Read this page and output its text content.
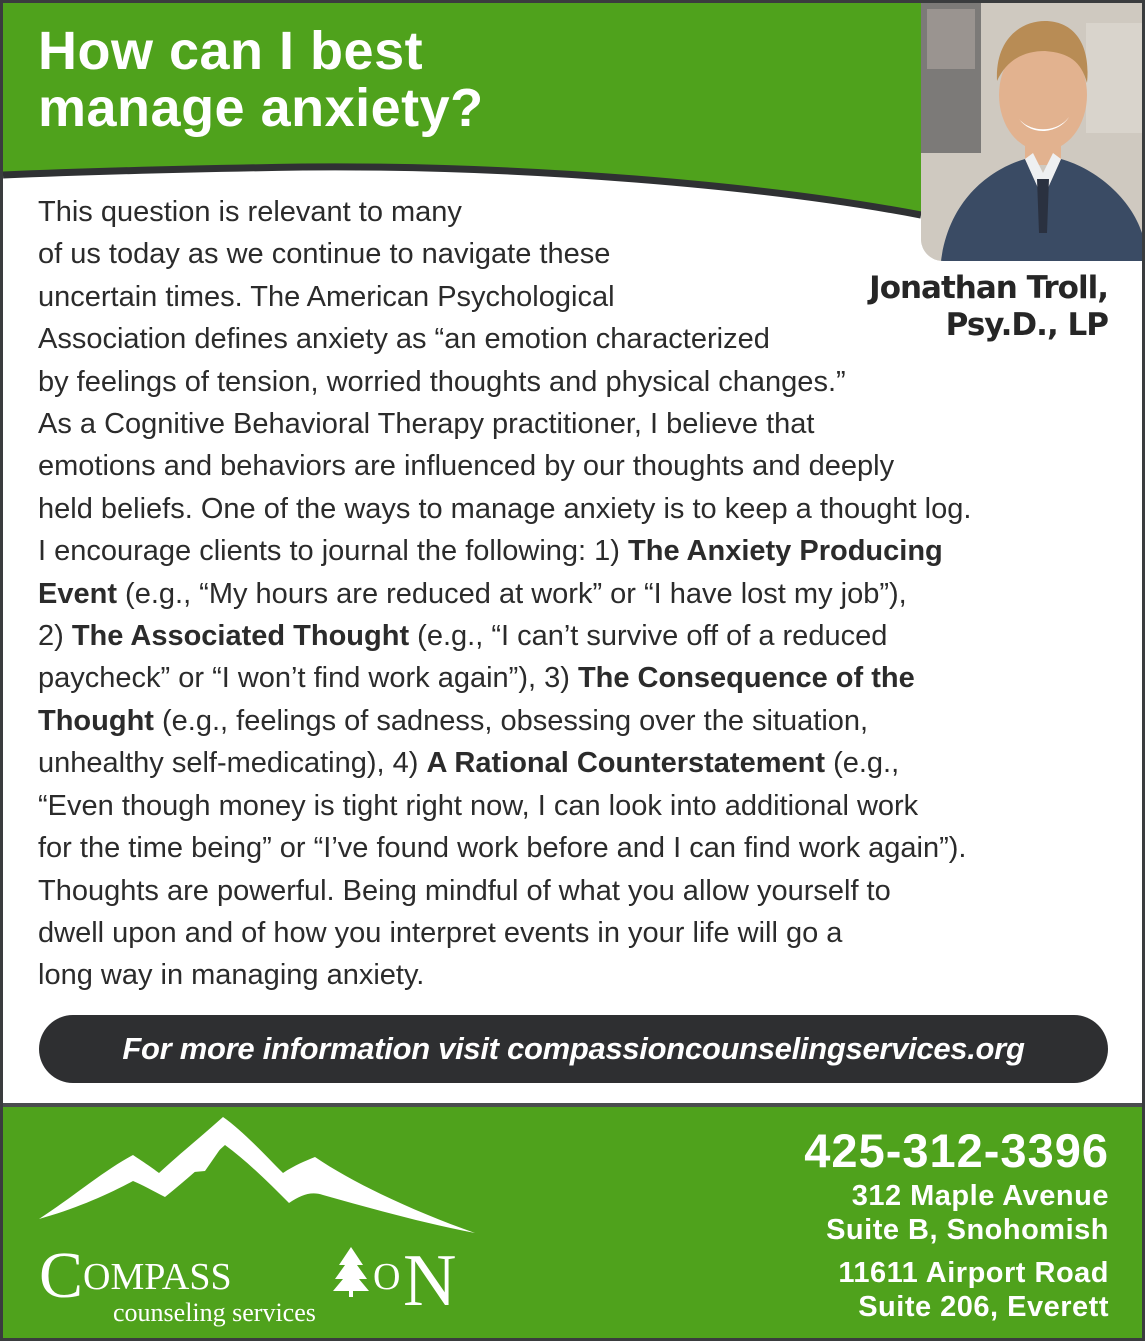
How can I best
manage anxiety?

Jonathan Troll,
Psy.D., LP

This question is relevant to many
of us today as we continue to navigate these
uncertain times. The American Psychological
Association defines anxiety as “an emotion characterized
by feelings of tension, worried thoughts and physical changes.”
As a Cognitive Behavioral Therapy practitioner, I believe that
emotions and behaviors are influenced by our thoughts and deeply
held beliefs. One of the ways to manage anxiety is to keep a thought log.
I encourage clients to journal the following: 1) The Anxiety Producing
Event (e.g., “My hours are reduced at work” or “I have lost my job”),
2) The Associated Thought (e.g., “I can’t survive off of a reduced
paycheck” or “I won’t find work again”), 3) The Consequence of the
Thought (e.g., feelings of sadness, obsessing over the situation,
unhealthy self-medicating), 4) A Rational Counterstatement (e.g.,
“Even though money is tight right now, I can look into additional work
for the time being” or “I’ve found work before and I can find work again”).
Thoughts are powerful. Being mindful of what you allow yourself to
dwell upon and of how you interpret events in your life will go a
long way in managing anxiety.
For more information visit compassioncounselingservices.org
C OMPASS	O N
counseling services

425-312-3396

312 Maple Avenue
Suite B, Snohomish

11611 Airport Road
Suite 206, Everett
